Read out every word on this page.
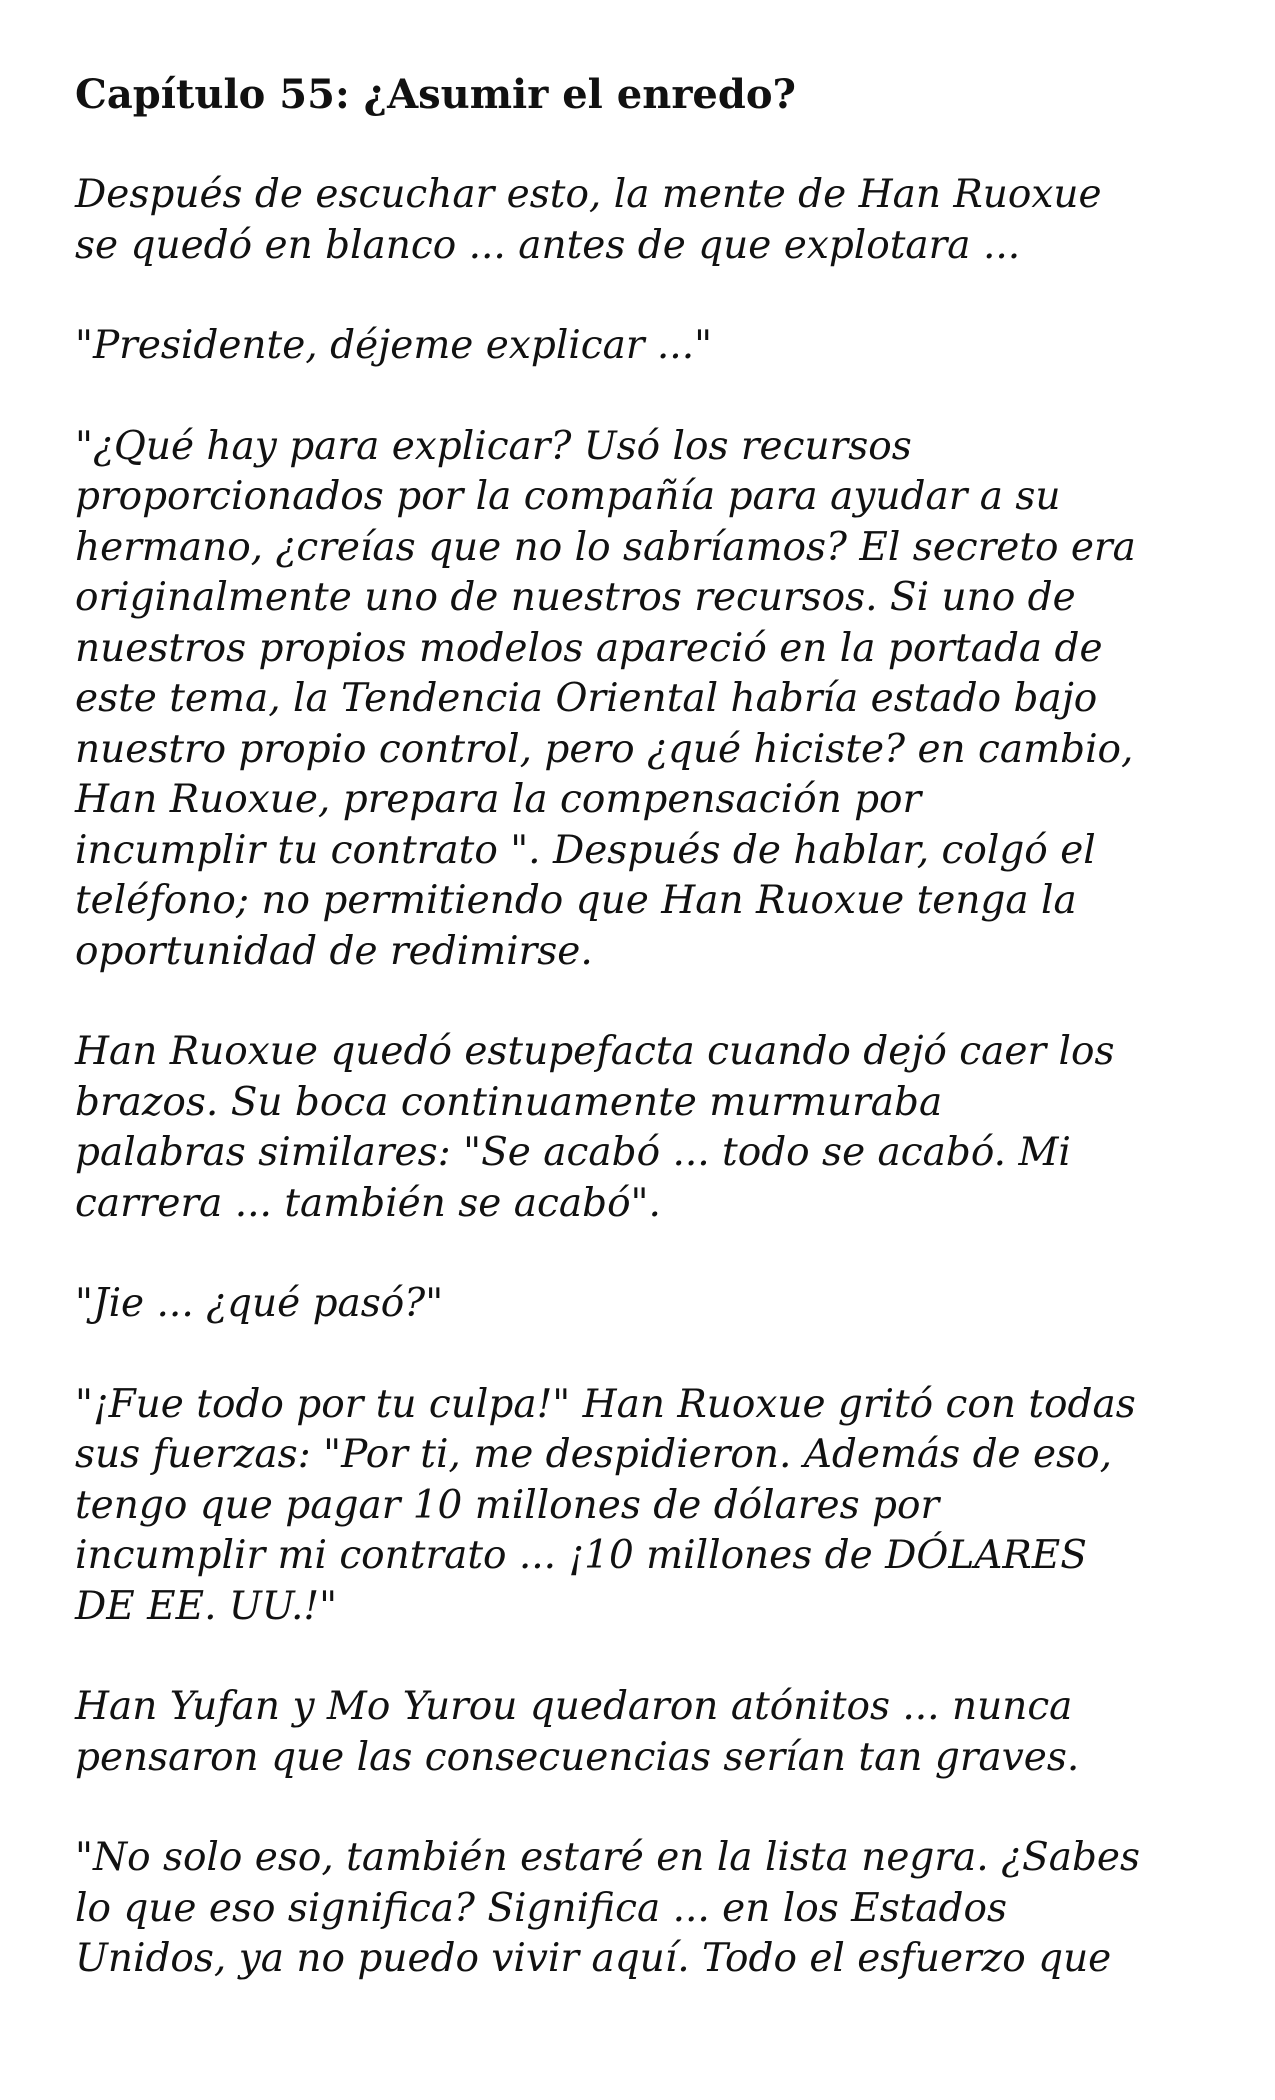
Capítulo 55: ¿Asumir el enredo?

Después de escuchar esto, la mente de Han Ruoxue
se quedó en blanco ... antes de que explotara ...

"Presidente, déjeme explicar ..."

"¿Qué hay para explicar? Usó los recursos
proporcionados por la compañía para ayudar a su
hermano, ¿creías que no lo sabríamos? El secreto era
originalmente uno de nuestros recursos. Si uno de
nuestros propios modelos apareció en la portada de
este tema, la Tendencia Oriental habría estado bajo
nuestro propio control, pero ¿qué hiciste? en cambio,
Han Ruoxue, prepara la compensación por
incumplir tu contrato ". Después de hablar, colgó el
teléfono; no permitiendo que Han Ruoxue tenga la
oportunidad de redimirse.

Han Ruoxue quedó estupefacta cuando dejó caer los
brazos. Su boca continuamente murmuraba
palabras similares: "Se acabó ... todo se acabó. Mi
carrera ... también se acabó".

"Jie ... ¿qué pasó?"

"¡Fue todo por tu culpa!" Han Ruoxue gritó con todas
sus fuerzas: "Por ti, me despidieron. Además de eso,
tengo que pagar 10 millones de dólares por
incumplir mi contrato ... ¡10 millones de DÓLARES
DE EE. UU.!"

Han Yufan y Mo Yurou quedaron atónitos ... nunca
pensaron que las consecuencias serían tan graves.

"No solo eso, también estaré en la lista negra. ¿Sabes
lo que eso significa? Significa ... en los Estados
Unidos, ya no puedo vivir aquí. Todo el esfuerzo que
